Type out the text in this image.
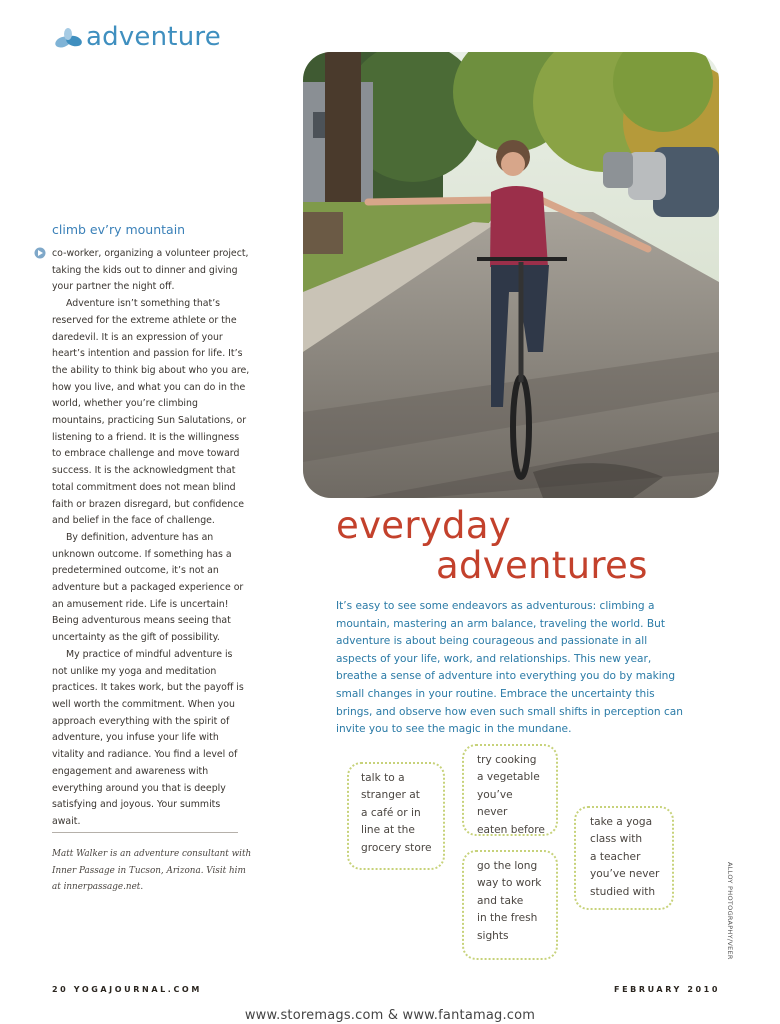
adventure
climb ev’ry mountain

co-worker, organizing a volunteer project, taking the kids out to dinner and giving your partner the night off.

Adventure isn’t something that’s reserved for the extreme athlete or the daredevil. It is an expression of your heart’s intention and passion for life. It’s the ability to think big about who you are, how you live, and what you can do in the world, whether you’re climbing mountains, practicing Sun Salutations, or listening to a friend. It is the willingness to embrace challenge and move toward success. It is the acknowledgment that total commitment does not mean blind faith or brazen disregard, but confidence and belief in the face of challenge.

By definition, adventure has an unknown outcome. If something has a predetermined outcome, it’s not an adventure but a packaged experience or an amusement ride. Life is uncertain! Being adventurous means seeing that uncertainty as the gift of possibility.

My practice of mindful adventure is not unlike my yoga and meditation practices. It takes work, but the payoff is well worth the commitment. When you approach everything with the spirit of adventure, you infuse your life with vitality and radiance. You find a level of engagement and awareness with everything around you that is deeply satisfying and joyous. Your summits await.

Matt Walker is an adventure consultant with Inner Passage in Tucson, Arizona. Visit him at innerpassage.net.
everyday
adventures
It’s easy to see some endeavors as adventurous: climbing a mountain, mastering an arm balance, traveling the world. But adventure is about being courageous and passionate in all aspects of your life, work, and relationships. This new year, breathe a sense of adventure into everything you do by making small changes in your routine. Embrace the uncertainty this brings, and observe how even such small shifts in perception can invite you to see the magic in the mundane.
talk to a
stranger at
a café or in
line at the
grocery store
try cooking
a vegetable
you’ve never
eaten before
go the long
way to work
and take
in the fresh
sights
take a yoga
class with
a teacher
you’ve never
studied with	ALLOY PHOTOGRAPHY/VEER
20 YOGAJOURNAL.COM	FEBRUARY 2010
www.storemags.com & www.fantamag.com
